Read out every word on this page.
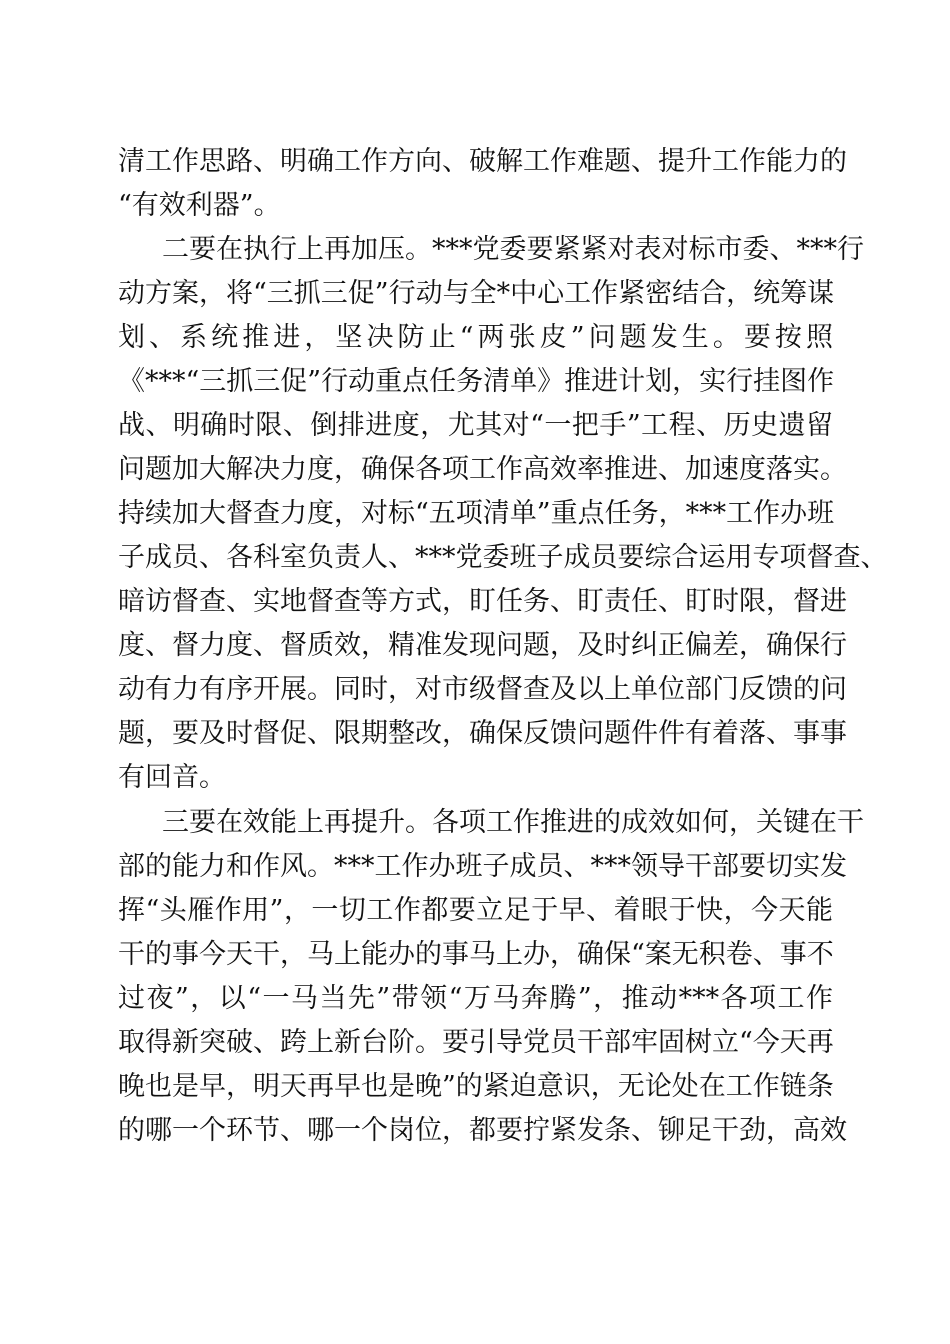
清工作思路、明确工作方向、破解工作难题、提升工作能力的
“有效利器”。
二要在执行上再加压。***党委要紧紧对表对标市委、***行
动方案，将“三抓三促”行动与全*中心工作紧密结合，统筹谋
划、系统推进，坚决防止“两张皮”问题发生。要按照
《***“三抓三促”行动重点任务清单》推进计划，实行挂图作
战、明确时限、倒排进度，尤其对“一把手”工程、历史遗留
问题加大解决力度，确保各项工作高效率推进、加速度落实。
持续加大督查力度，对标“五项清单”重点任务，***工作办班
子成员、各科室负责人、***党委班子成员要综合运用专项督查、
暗访督查、实地督查等方式，盯任务、盯责任、盯时限，督进
度、督力度、督质效，精准发现问题，及时纠正偏差，确保行
动有力有序开展。同时，对市级督查及以上单位部门反馈的问
题，要及时督促、限期整改，确保反馈问题件件有着落、事事
有回音。
三要在效能上再提升。各项工作推进的成效如何，关键在干
部的能力和作风。***工作办班子成员、***领导干部要切实发
挥“头雁作用”，一切工作都要立足于早、着眼于快，今天能
干的事今天干，马上能办的事马上办，确保“案无积卷、事不
过夜”，以“一马当先”带领“万马奔腾”，推动***各项工作
取得新突破、跨上新台阶。要引导党员干部牢固树立“今天再
晚也是早，明天再早也是晚”的紧迫意识，无论处在工作链条
的哪一个环节、哪一个岗位，都要拧紧发条、铆足干劲，高效
